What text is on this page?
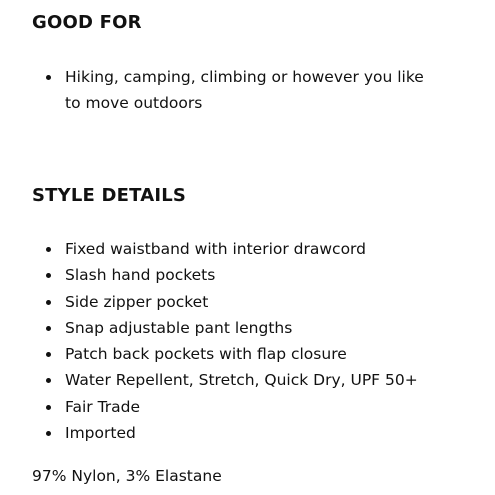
GOOD FOR
Hiking, camping, climbing or however you like to move outdoors
STYLE DETAILS
Fixed waistband with interior drawcord
Slash hand pockets
Side zipper pocket
Snap adjustable pant lengths
Patch back pockets with flap closure
Water Repellent, Stretch, Quick Dry, UPF 50+
Fair Trade
Imported

97% Nylon, 3% Elastane
